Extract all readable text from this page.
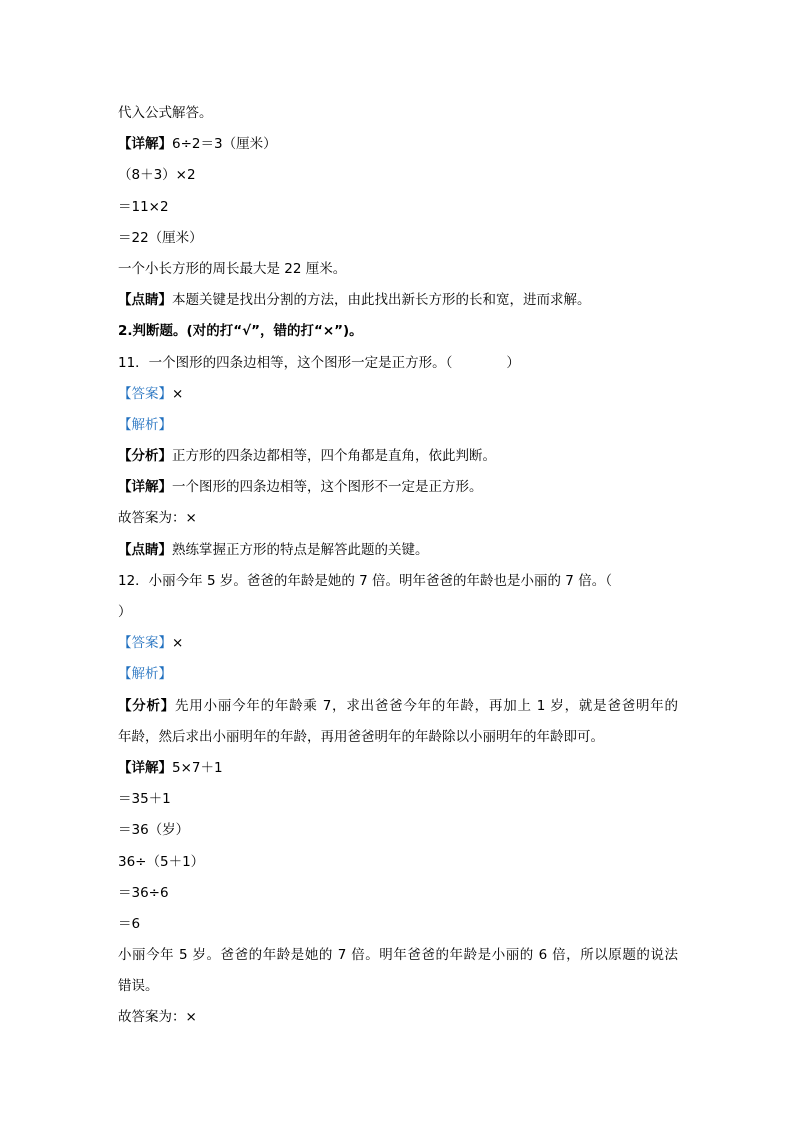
代入公式解答。
【详解】6÷2＝3（厘米）
（8＋3）×2
＝11×2
＝22（厘米）
一个小长方形的周长最大是 22 厘米。
【点睛】本题关键是找出分割的方法，由此找出新长方形的长和宽，进而求解。
2.判断题。(对的打“√”，错的打“×”)。
11．一个图形的四条边相等，这个图形一定是正方形。（　　　　）
【答案】×
【解析】
【分析】正方形的四条边都相等，四个角都是直角，依此判断。
【详解】一个图形的四条边相等，这个图形不一定是正方形。
故答案为：×
【点睛】熟练掌握正方形的特点是解答此题的关键。
12．小丽今年 5 岁。爸爸的年龄是她的 7 倍。明年爸爸的年龄也是小丽的 7 倍。（
）
【答案】×
【解析】
【分析】先用小丽今年的年龄乘 7，求出爸爸今年的年龄，再加上 1 岁，就是爸爸明年的
年龄，然后求出小丽明年的年龄，再用爸爸明年的年龄除以小丽明年的年龄即可。
【详解】5×7＋1
＝35＋1
＝36（岁）
36÷（5＋1）
＝36÷6
＝6
小丽今年 5 岁。爸爸的年龄是她的 7 倍。明年爸爸的年龄是小丽的 6 倍，所以原题的说法
错误。
故答案为：×
